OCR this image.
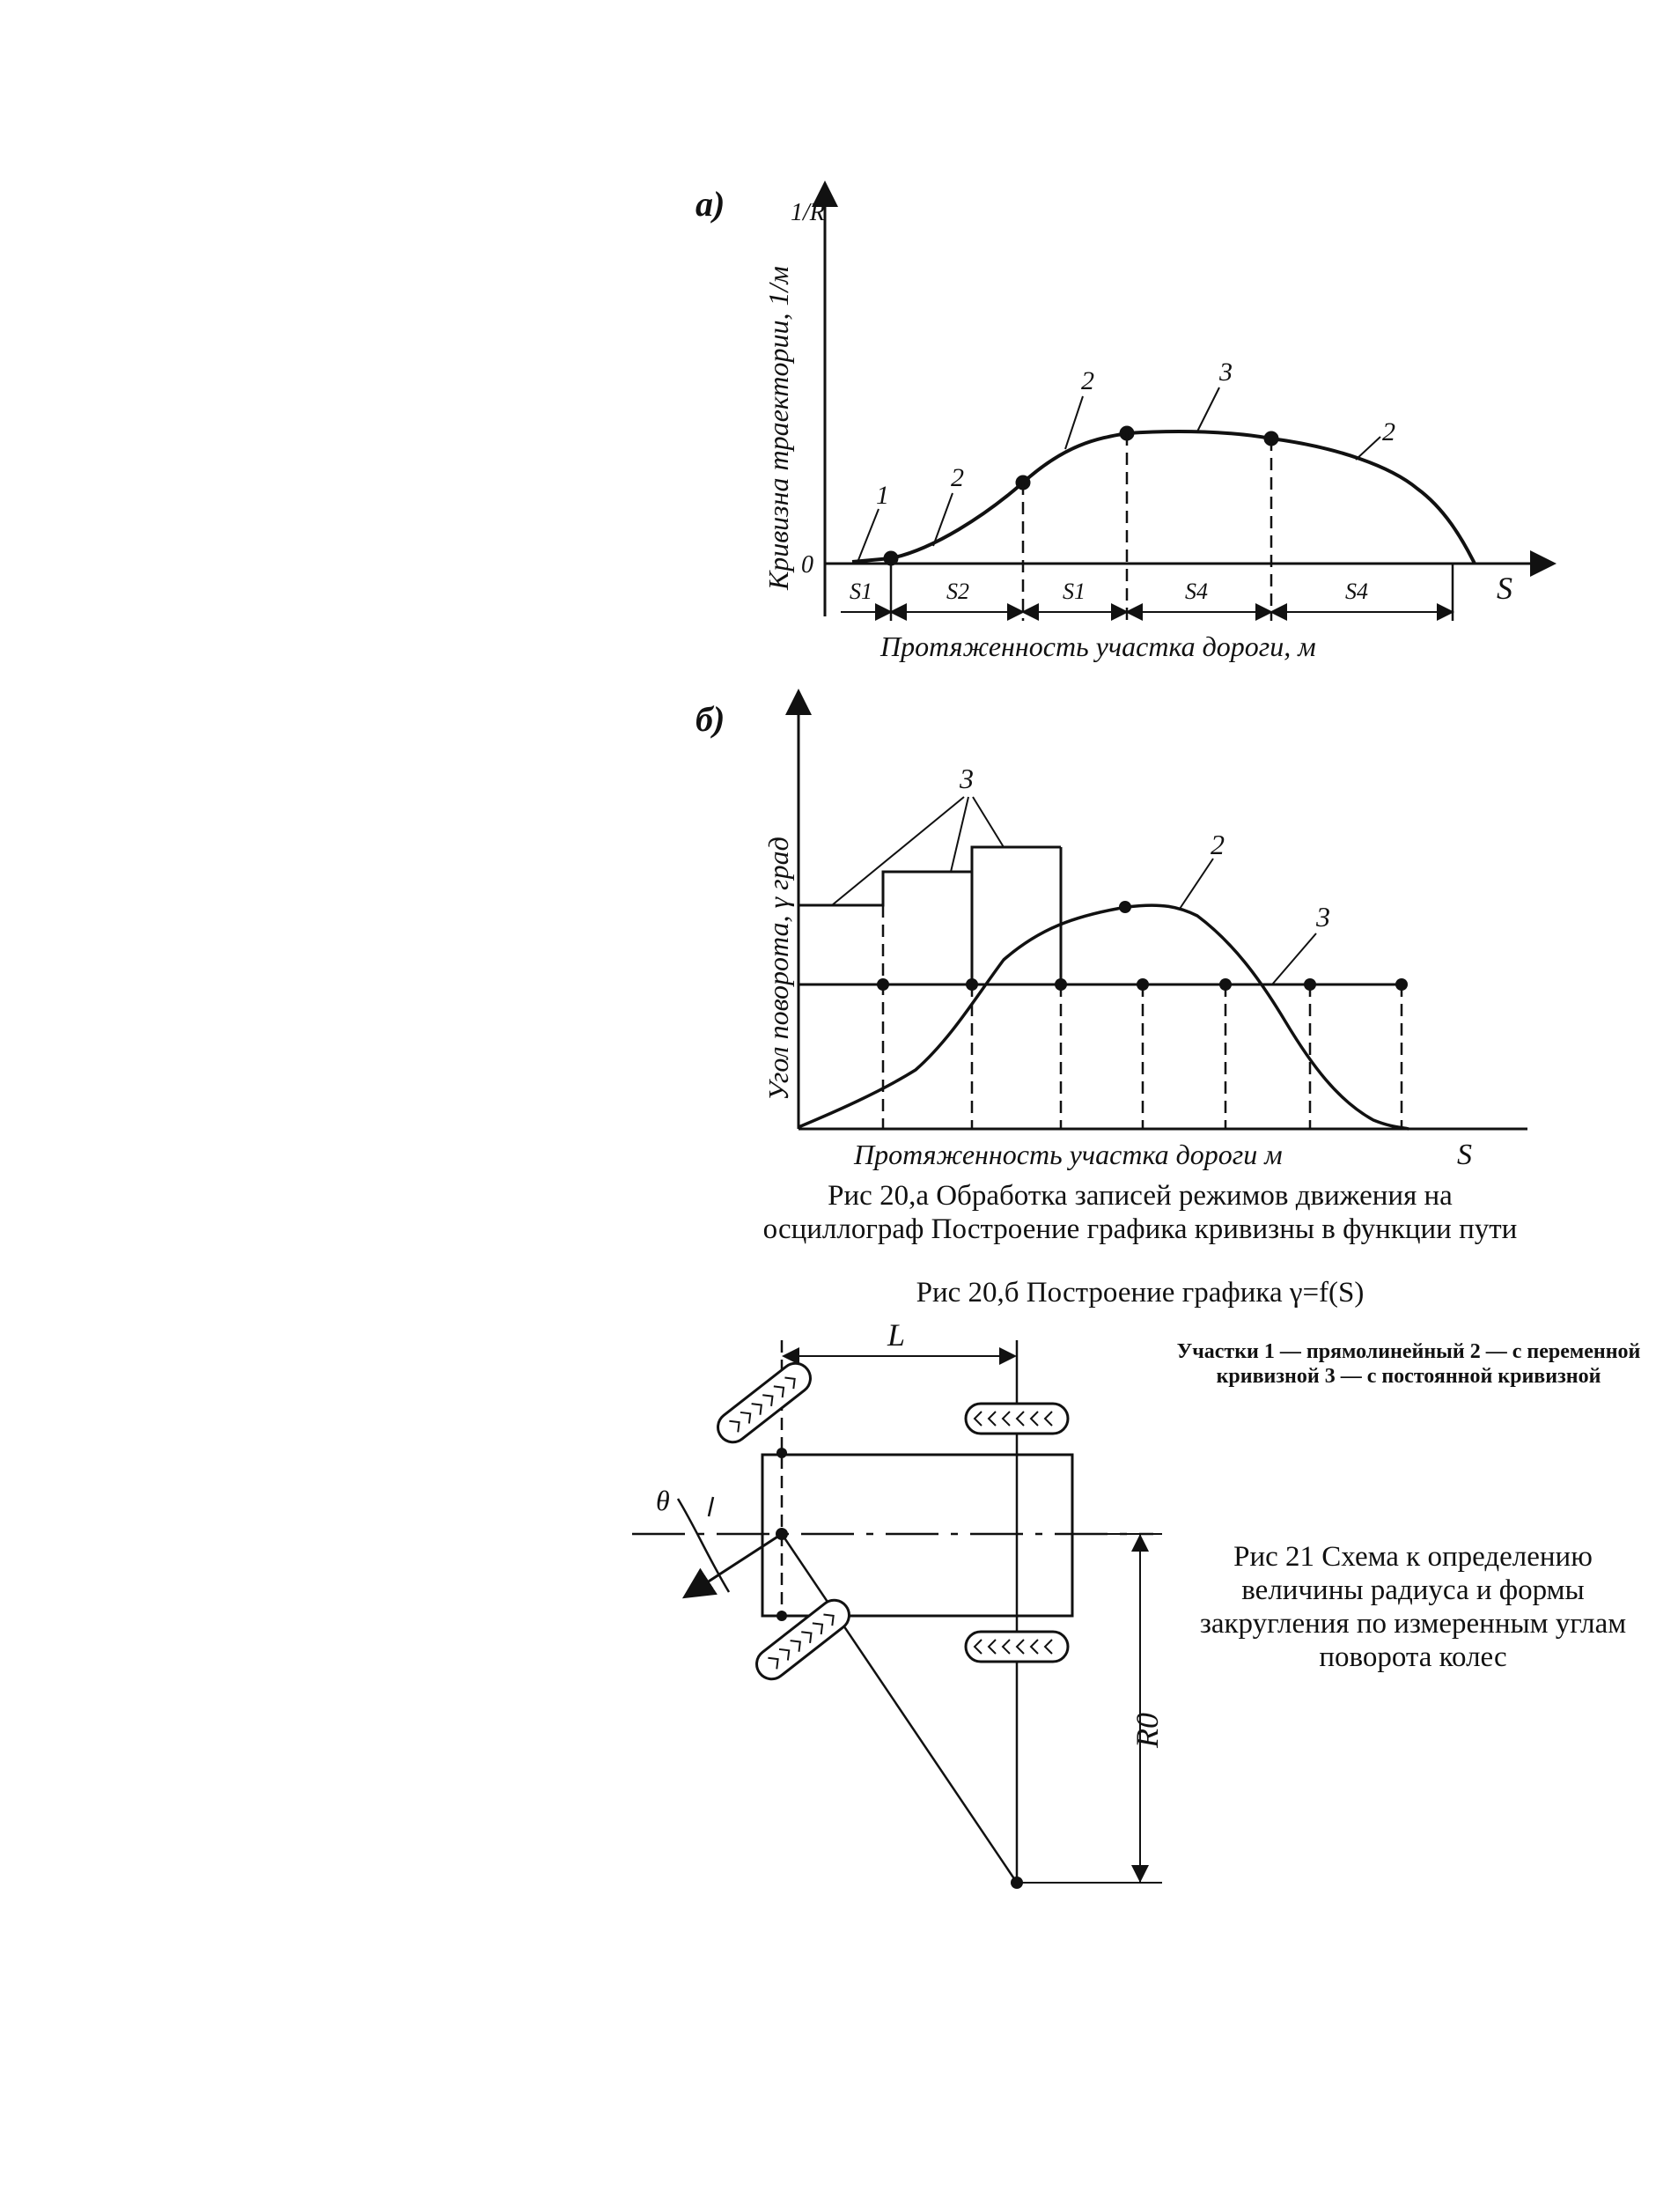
а)	1/R
Кривизна траектории, 1/м 0
S
Протяженность участка дороги, м
S1	S2	S1	S4	S4
1
2
2	3
2
б)
Угол поворота, γ град
3
2
3
Протяженность участка дороги м	S
L
θ
R0
Рис 20,а Обработка записей режимов движения на осциллограф Построение графика кривизны в функции пути
Рис 20,б Построение графика γ=f(S)
Участки 1 — прямолинейный 2 — с переменной кривизной 3 — с постоянной кривизной
Рис 21 Схема к определению величины радиуса и формы закругления по измеренным углам поворота колес
